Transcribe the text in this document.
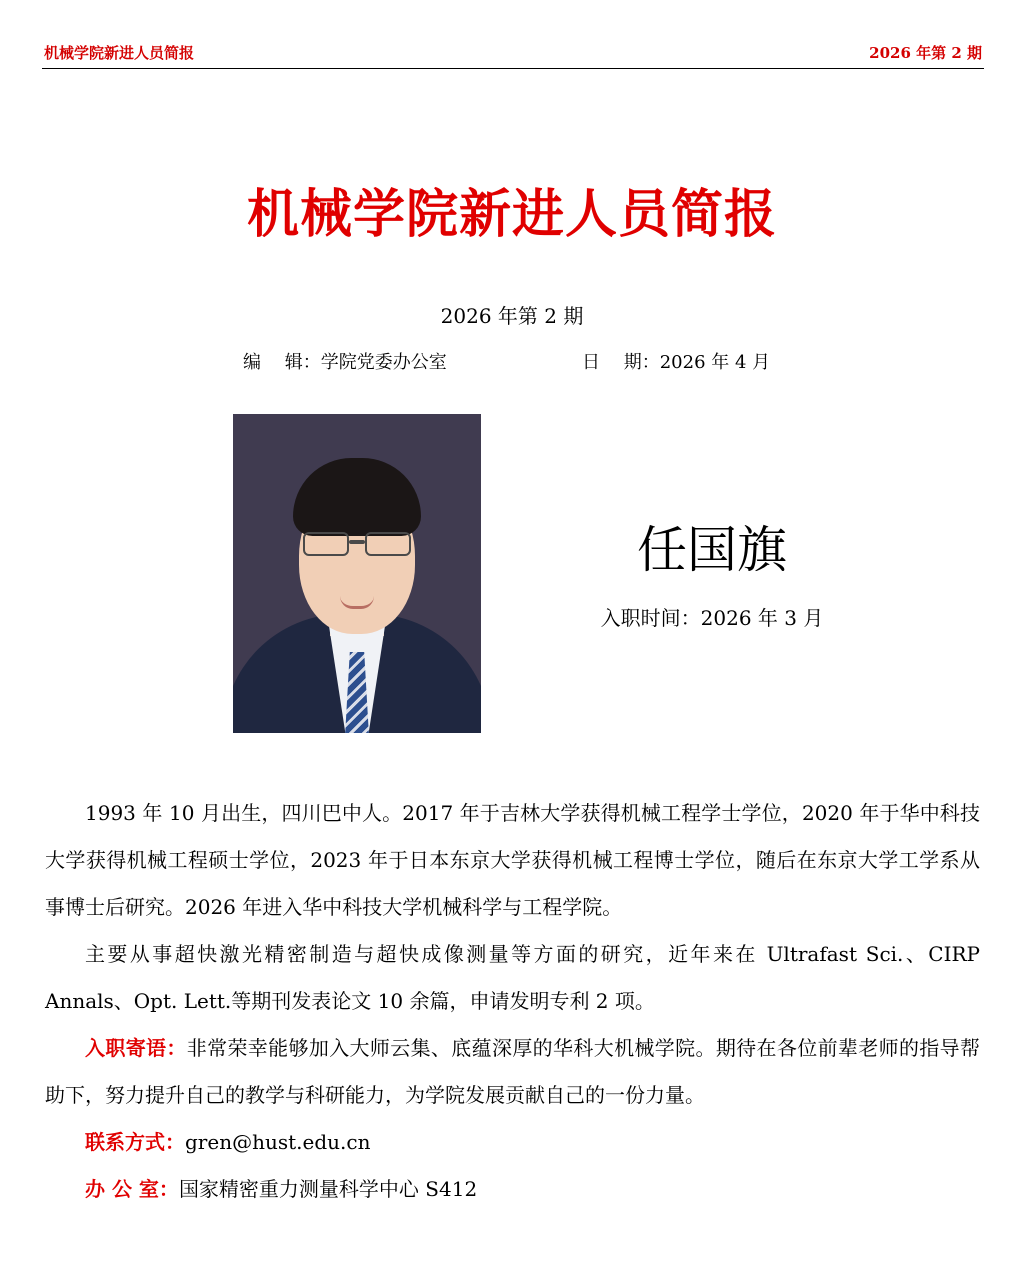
机械学院新进人员简报	2026 年第 2 期
机械学院新进人员简报
2026 年第 2 期
编　 辑：学院党委办公室	日　 期：2026 年 4 月
任国旗
入职时间：2026 年 3 月

1993 年 10 月出生，四川巴中人。2017 年于吉林大学获得机械工程学士学位，2020 年于华中科技大学获得机械工程硕士学位，2023 年于日本东京大学获得机械工程博士学位，随后在东京大学工学系从事博士后研究。2026 年进入华中科技大学机械科学与工程学院。

主要从事超快激光精密制造与超快成像测量等方面的研究，近年来在 Ultrafast Sci.、CIRP Annals、Opt. Lett.等期刊发表论文 10 余篇，申请发明专利 2 项。

入职寄语：非常荣幸能够加入大师云集、底蕴深厚的华科大机械学院。期待在各位前辈老师的指导帮助下，努力提升自己的教学与科研能力，为学院发展贡献自己的一份力量。

联系方式：gren@hust.edu.cn

办 公 室：国家精密重力测量科学中心 S412
